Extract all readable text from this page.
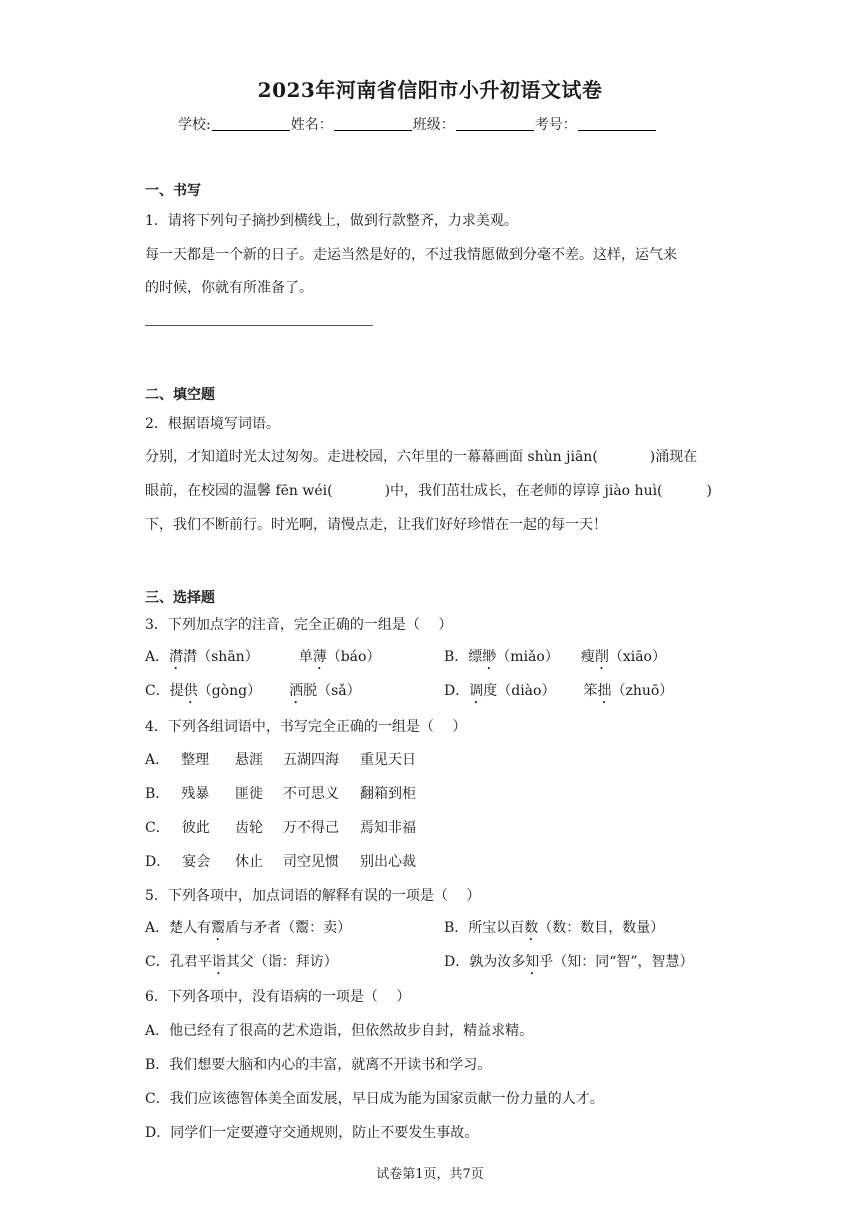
2023年河南省信阳市小升初语文试卷
学校:	姓名：	班级：	考号：
一、书写
1．请将下列句子摘抄到横线上，做到行款整齐，力求美观。
每一天都是一个新的日子。走运当然是好的，不过我情愿做到分毫不差。这样，运气来
的时候，你就有所准备了。
二、填空题
2．根据语境写词语。
分别，才知道时光太过匆匆。走进校园，六年里的一幕幕画面 shùn jiān(	)涌现在
眼前，在校园的温馨 fēn wéi(	)中，我们茁壮成长，在老师的谆谆 jiào huì(	)
下，我们不断前行。时光啊，请慢点走，让我们好好珍惜在一起的每一天！
三、选择题
3．下列加点字的注音，完全正确的一组是（　 ）
A．潸潸（shān）	单薄（báo）	B．缥缈（miǎo） 瘦削（xiāo）
C．提供（gòng） 洒脱（sǎ）	D．调度（diào） 笨拙（zhuō）
4．下列各组词语中，书写完全正确的一组是（　 ）
A． 整理 悬涯 五湖四海 重见天日
B． 残暴 匪徙 不可思义 翻箱到柜
C． 彼此 齿轮 万不得己 焉知非福
D． 宴会 休止 司空见惯 别出心裁
5．下列各项中，加点词语的解释有误的一项是（　 ）
A．楚人有鬻盾与矛者（鬻：卖）	B．所宝以百数（数：数目，数量）
C．孔君平诣其父（诣：拜访）	D．孰为汝多知乎（知：同“智”，智慧）
6．下列各项中，没有语病的一项是（　 ）
A．他已经有了很高的艺术造诣，但依然故步自封，精益求精。
B．我们想要大脑和内心的丰富，就离不开读书和学习。
C．我们应该德智体美全面发展，早日成为能为国家贡献一份力量的人才。
D．同学们一定要遵守交通规则，防止不要发生事故。
试卷第1页，共7页
